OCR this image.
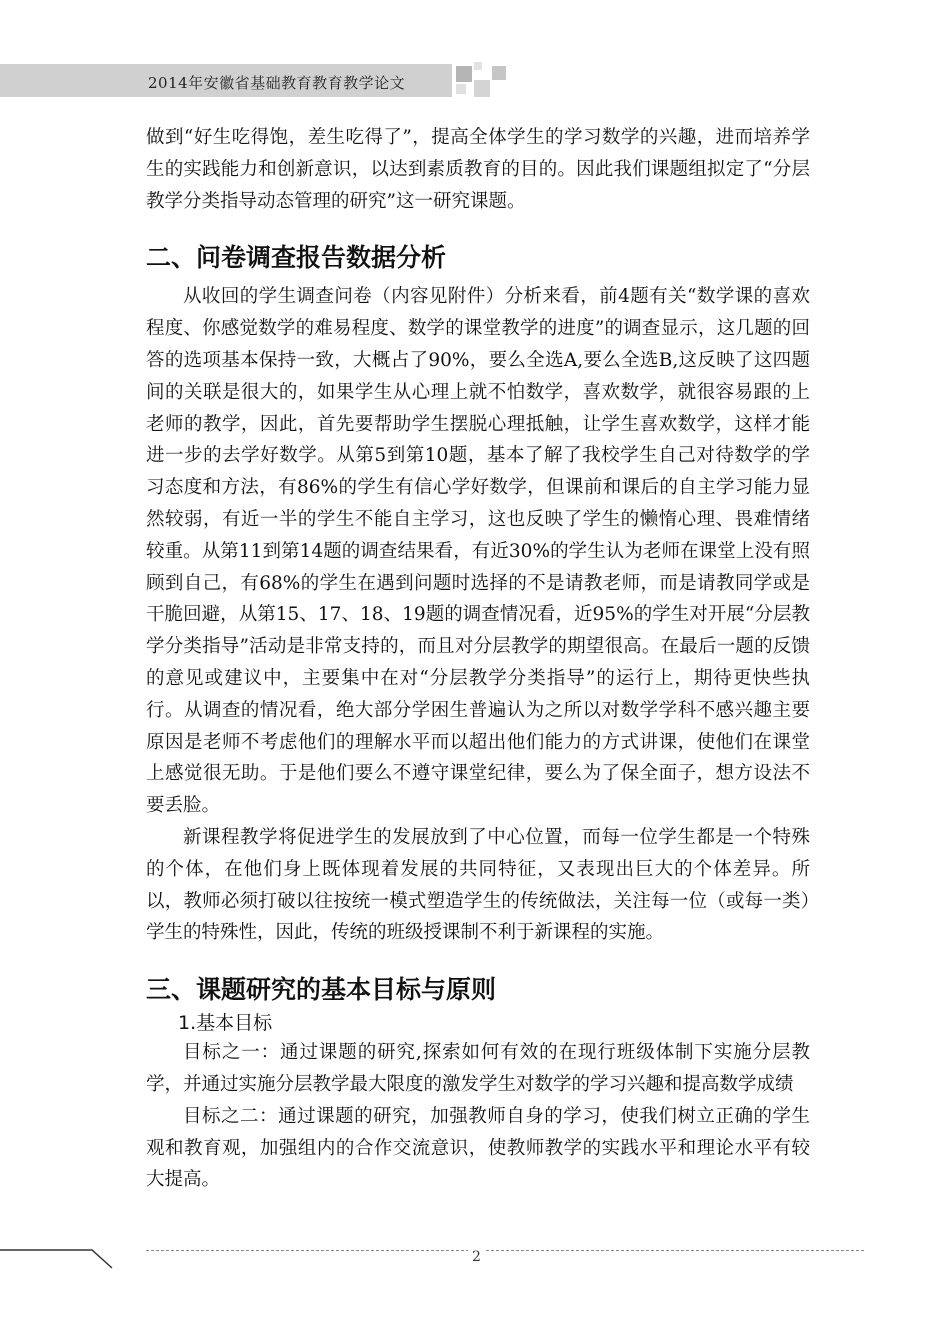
2014年安徽省基础教育教育教学论文

做到“好生吃得饱，差生吃得了”，提高全体学生的学习数学的兴趣，进而培养学生的实践能力和创新意识，以达到素质教育的目的。因此我们课题组拟定了“分层教学分类指导动态管理的研究”这一研究课题。

二、问卷调查报告数据分析

从收回的学生调查问卷（内容见附件）分析来看，前4题有关“数学课的喜欢程度、你感觉数学的难易程度、数学的课堂教学的进度”的调查显示，这几题的回答的选项基本保持一致，大概占了90%，要么全选A,要么全选B,这反映了这四题间的关联是很大的，如果学生从心理上就不怕数学，喜欢数学，就很容易跟的上老师的教学，因此，首先要帮助学生摆脱心理抵触，让学生喜欢数学，这样才能进一步的去学好数学。从第5到第10题，基本了解了我校学生自己对待数学的学习态度和方法，有86%的学生有信心学好数学，但课前和课后的自主学习能力显然较弱，有近一半的学生不能自主学习，这也反映了学生的懒惰心理、畏难情绪较重。从第11到第14题的调查结果看，有近30%的学生认为老师在课堂上没有照顾到自己，有68%的学生在遇到问题时选择的不是请教老师，而是请教同学或是干脆回避，从第15、17、18、19题的调查情况看，近95%的学生对开展“分层教学分类指导”活动是非常支持的，而且对分层教学的期望很高。在最后一题的反馈的意见或建议中，主要集中在对“分层教学分类指导”的运行上，期待更快些执行。从调查的情况看，绝大部分学困生普遍认为之所以对数学学科不感兴趣主要原因是老师不考虑他们的理解水平而以超出他们能力的方式讲课，使他们在课堂上感觉很无助。于是他们要么不遵守课堂纪律，要么为了保全面子，想方设法不要丢脸。

新课程教学将促进学生的发展放到了中心位置，而每一位学生都是一个特殊的个体，在他们身上既体现着发展的共同特征，又表现出巨大的个体差异。所以，教师必须打破以往按统一模式塑造学生的传统做法，关注每一位（或每一类）学生的特殊性，因此，传统的班级授课制不利于新课程的实施。

三、课题研究的基本目标与原则
1.基本目标

目标之一：通过课题的研究,探索如何有效的在现行班级体制下实施分层教学，并通过实施分层教学最大限度的激发学生对数学的学习兴趣和提高数学成绩

目标之二：通过课题的研究，加强教师自身的学习，使我们树立正确的学生观和教育观，加强组内的合作交流意识，使教师教学的实践水平和理论水平有较大提高。

2
